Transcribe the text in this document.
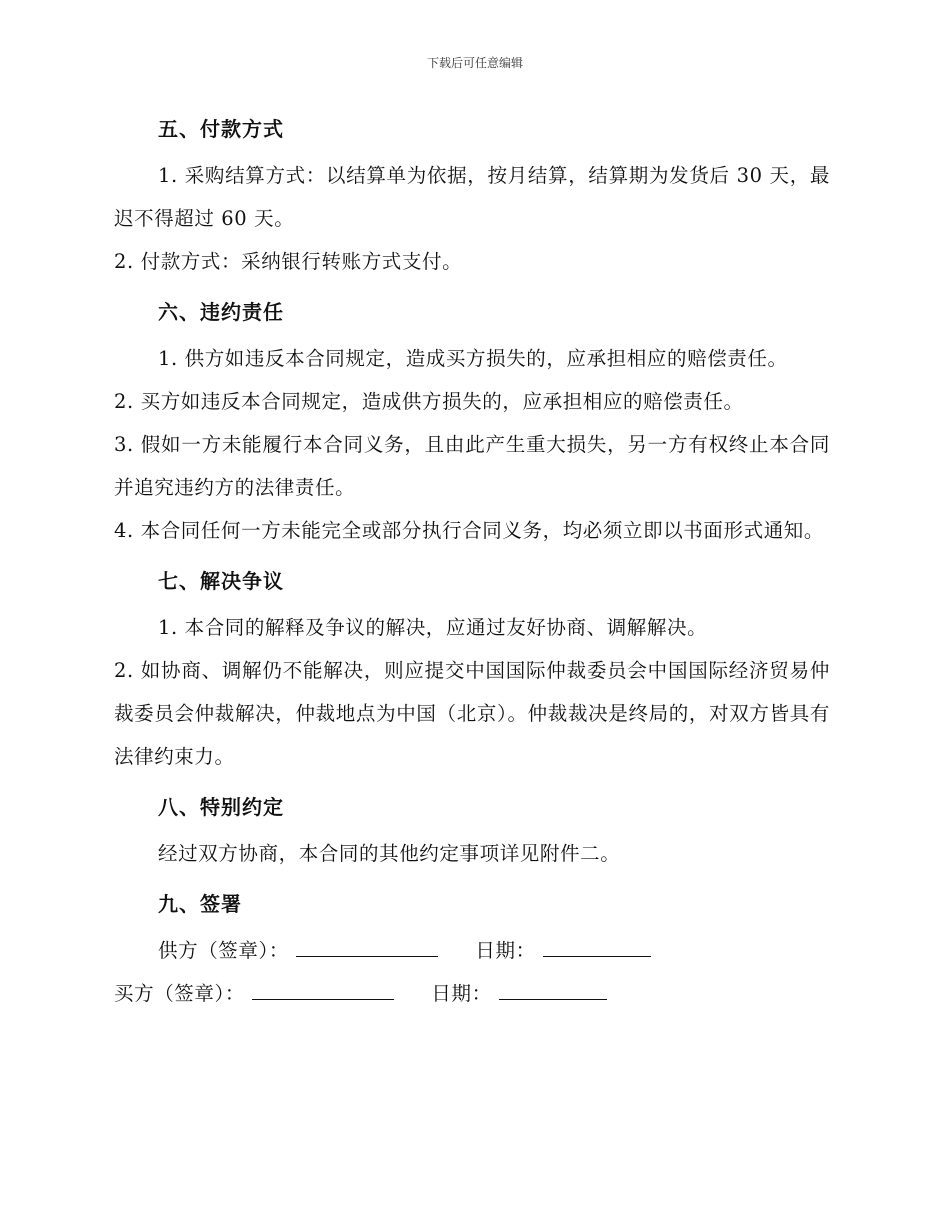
下载后可任意编辑
五、付款方式

1. 采购结算方式：以结算单为依据，按月结算，结算期为发货后 30 天，最迟不得超过 60 天。

2. 付款方式：采纳银行转账方式支付。

六、违约责任

1. 供方如违反本合同规定，造成买方损失的，应承担相应的赔偿责任。

2. 买方如违反本合同规定，造成供方损失的，应承担相应的赔偿责任。

3. 假如一方未能履行本合同义务，且由此产生重大损失，另一方有权终止本合同并追究违约方的法律责任。

4. 本合同任何一方未能完全或部分执行合同义务，均必须立即以书面形式通知。

七、解决争议

1. 本合同的解释及争议的解决，应通过友好协商、调解解决。

2. 如协商、调解仍不能解决，则应提交中国国际仲裁委员会中国国际经济贸易仲裁委员会仲裁解决，仲裁地点为中国（北京）。仲裁裁决是终局的，对双方皆具有法律约束力。

八、特别约定

经过双方协商，本合同的其他约定事项详见附件二。

九、签署

供方（签章）：	日期：

买方（签章）：	日期：
